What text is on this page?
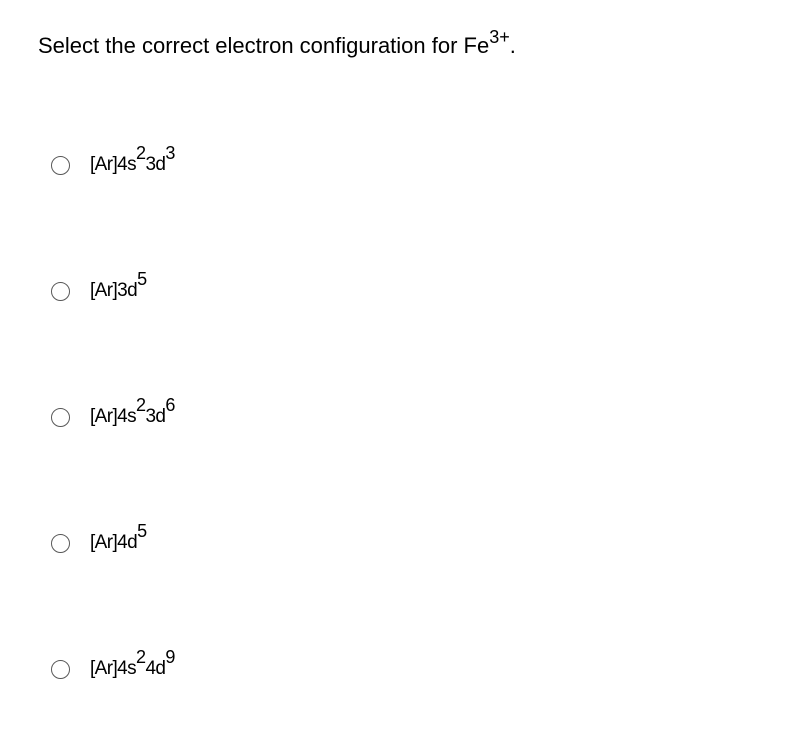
Select the correct electron configuration for $Fe^{3+}$.
$[Ar]4s^23d^3$
$[Ar]3d^5$
$[Ar]4s^23d^6$
$[Ar]4d^5$
$[Ar]4s^24d^9$
